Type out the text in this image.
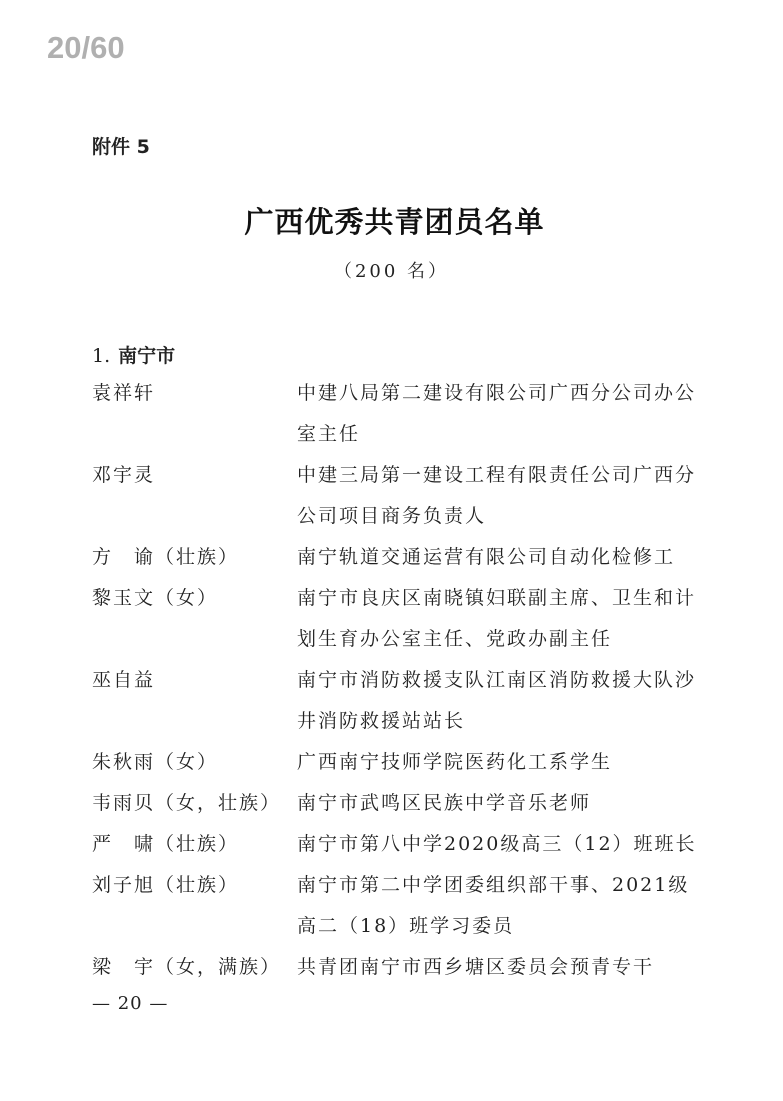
20/60
附件 5
广西优秀共青团员名单
（200 名）
1. 南宁市
袁祥轩	中建八局第二建设有限公司广西分公司办公室主任
邓宇灵	中建三局第一建设工程有限责任公司广西分公司项目商务负责人
方　谕（壮族）	南宁轨道交通运营有限公司自动化检修工
黎玉文（女）	南宁市良庆区南晓镇妇联副主席、卫生和计划生育办公室主任、党政办副主任
巫自益	南宁市消防救援支队江南区消防救援大队沙井消防救援站站长
朱秋雨（女）	广西南宁技师学院医药化工系学生
韦雨贝（女，壮族） 南宁市武鸣区民族中学音乐老师
严　啸（壮族）	南宁市第八中学2020级高三（12）班班长
刘子旭（壮族）	南宁市第二中学团委组织部干事、2021级高二（18）班学习委员
梁　宇（女，满族） 共青团南宁市西乡塘区委员会预青专干
— 20 —
